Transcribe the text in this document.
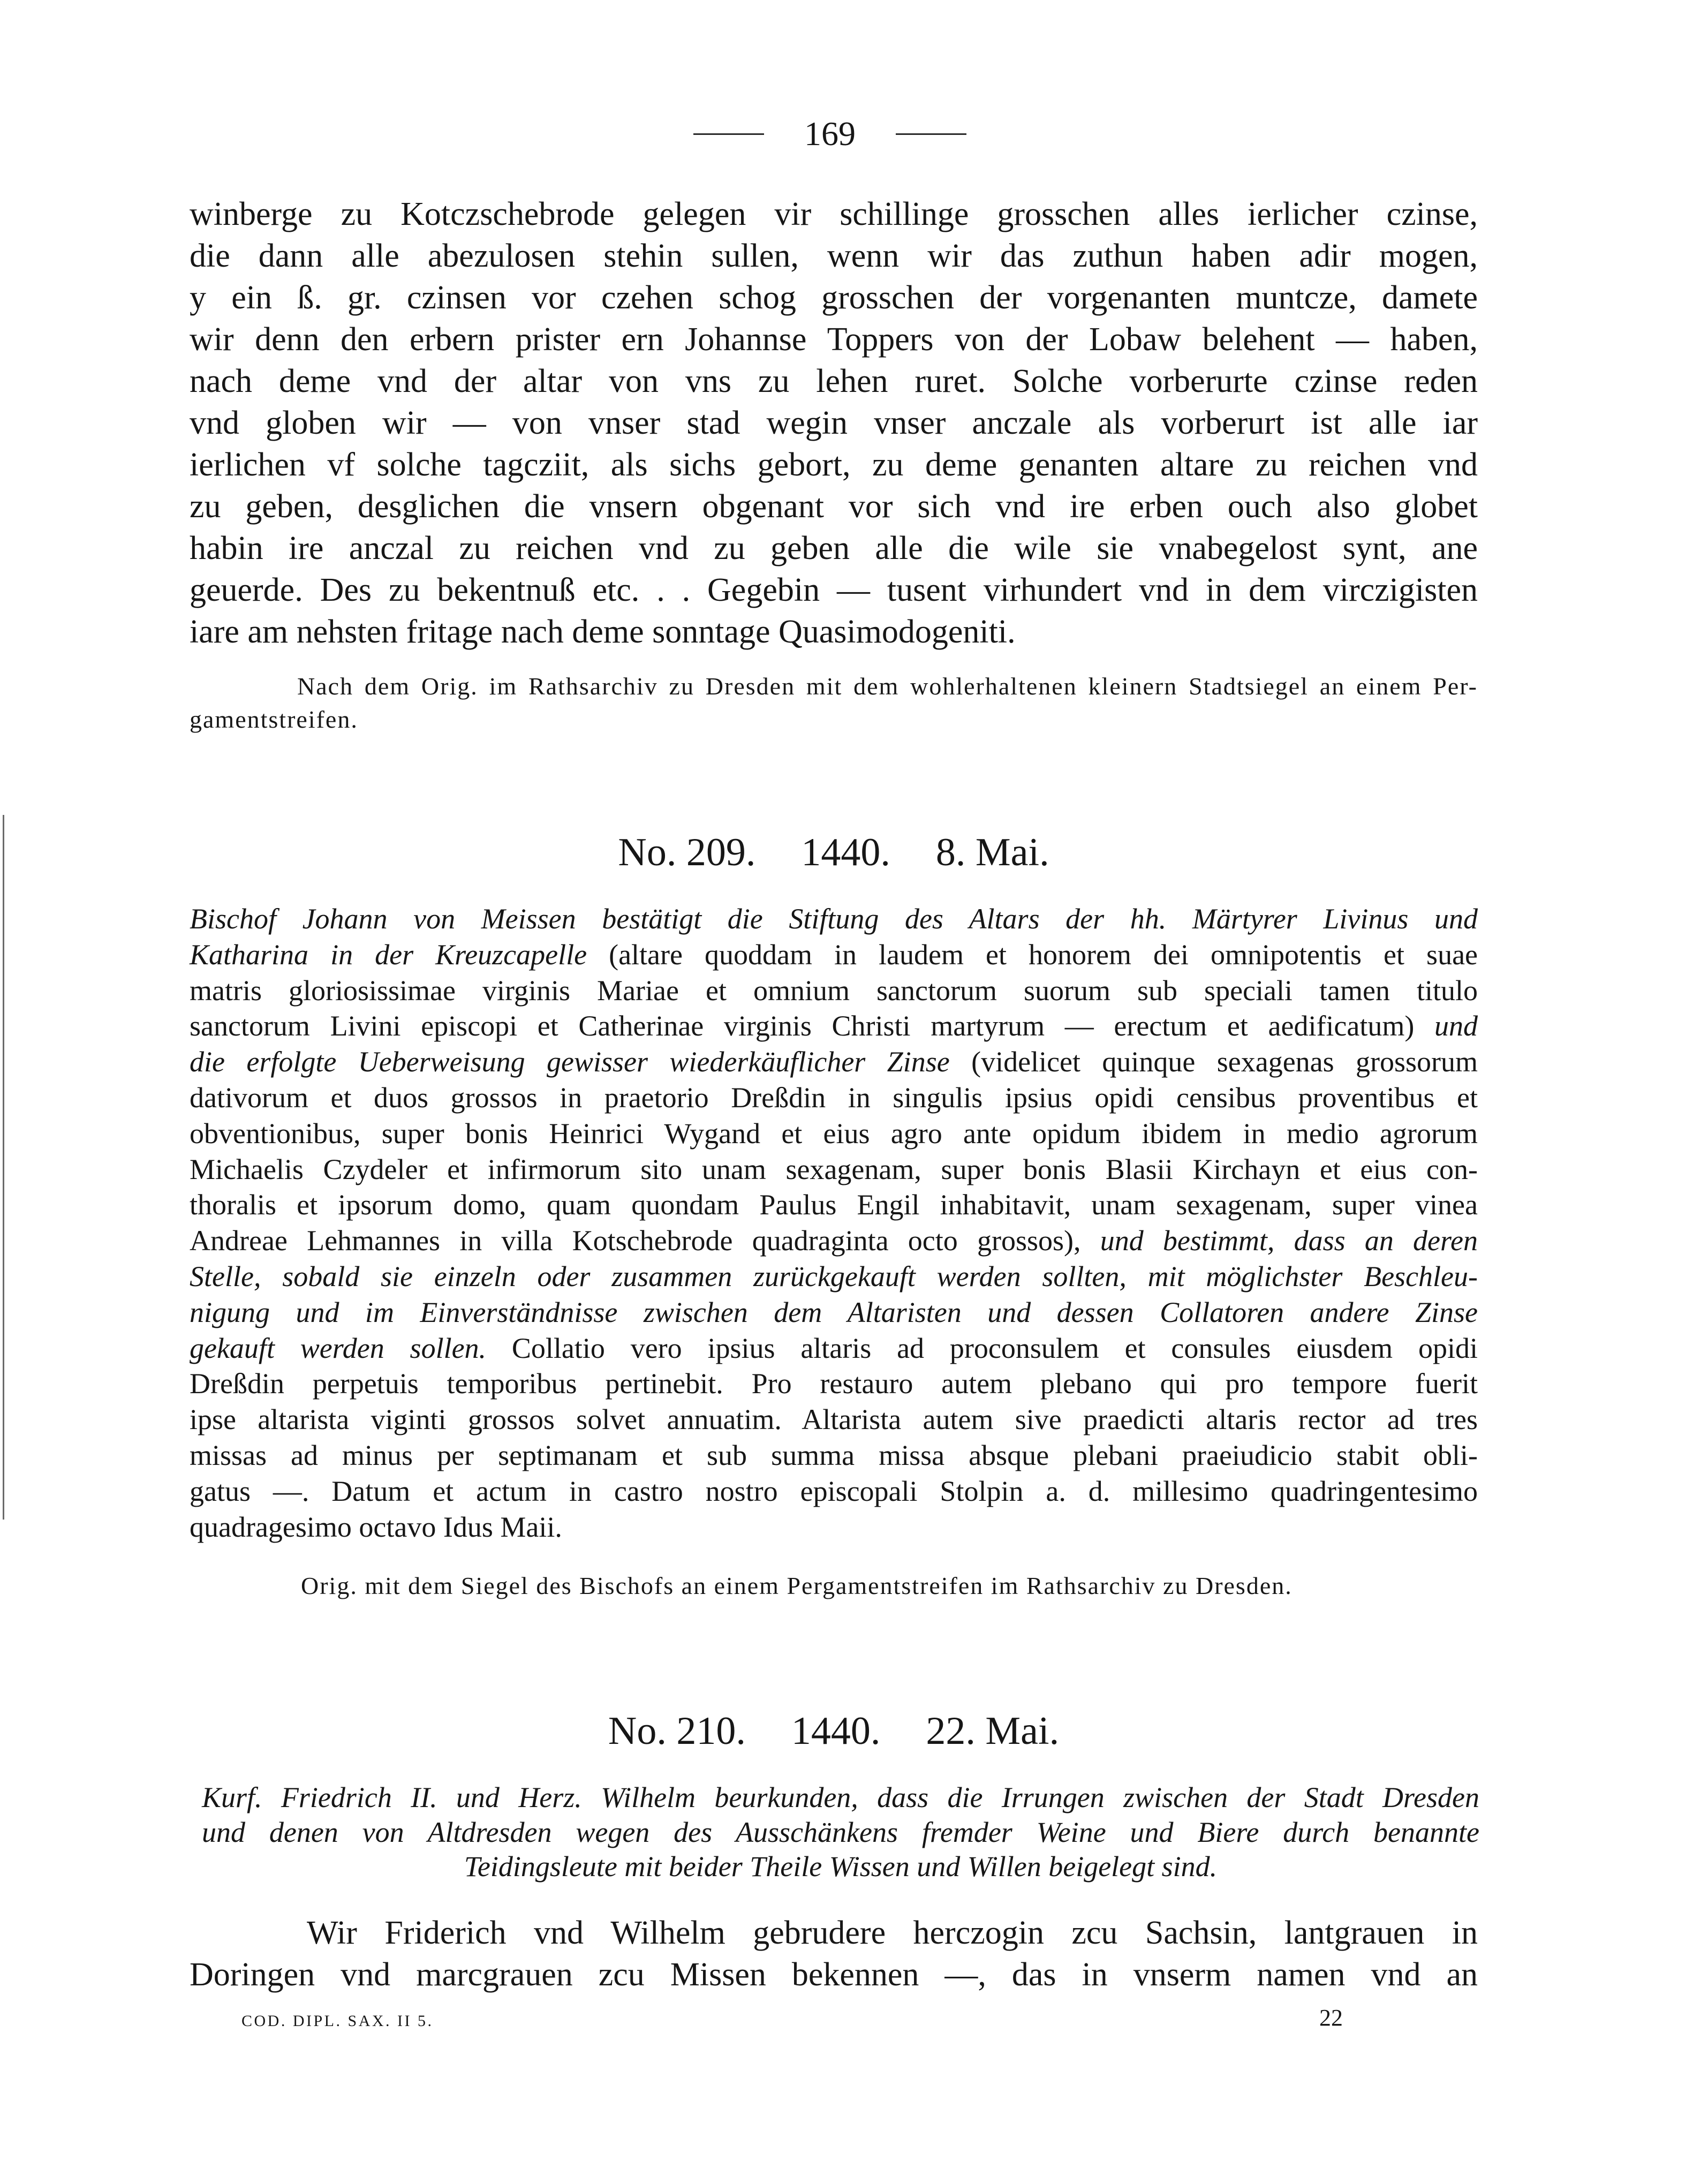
169
winberge zu Kotczschebrode gelegen vir schillinge grosschen alles ierlicher czinse,
die dann alle abezulosen stehin sullen, wenn wir das zuthun haben adir mogen,
y ein ß. gr. czinsen vor czehen schog grosschen der vorgenanten muntcze, damete
wir denn den erbern prister ern Johannse Toppers von der Lobaw belehent — haben,
nach deme vnd der altar von vns zu lehen ruret. Solche vorberurte czinse reden
vnd globen wir — von vnser stad wegin vnser anczale als vorberurt ist alle iar
ierlichen vf solche tagcziit, als sichs gebort, zu deme genanten altare zu reichen vnd
zu geben, desglichen die vnsern obgenant vor sich vnd ire erben ouch also globet
habin ire anczal zu reichen vnd zu geben alle die wile sie vnabegelost synt, ane
geuerde. Des zu bekentnuß etc. . . Gegebin — tusent virhundert vnd in dem virczigisten
iare am nehsten fritage nach deme sonntage Quasimodogeniti.
Nach dem Orig. im Rathsarchiv zu Dresden mit dem wohlerhaltenen kleinern Stadtsiegel an einem Per-
gamentstreifen.
No. 209. 1440. 8. Mai.
Bischof Johann von Meissen bestätigt die Stiftung des Altars der hh. Märtyrer Livinus und
Katharina in der Kreuzcapelle (altare quoddam in laudem et honorem dei omnipotentis et suae
matris gloriosissimae virginis Mariae et omnium sanctorum suorum sub speciali tamen titulo
sanctorum Livini episcopi et Catherinae virginis Christi martyrum — erectum et aedificatum) und
die erfolgte Ueberweisung gewisser wiederkäuflicher Zinse (videlicet quinque sexagenas grossorum
dativorum et duos grossos in praetorio Dreßdin in singulis ipsius opidi censibus proventibus et
obventionibus, super bonis Heinrici Wygand et eius agro ante opidum ibidem in medio agrorum
Michaelis Czydeler et infirmorum sito unam sexagenam, super bonis Blasii Kirchayn et eius con-
thoralis et ipsorum domo, quam quondam Paulus Engil inhabitavit, unam sexagenam, super vinea
Andreae Lehmannes in villa Kotschebrode quadraginta octo grossos), und bestimmt, dass an deren
Stelle, sobald sie einzeln oder zusammen zurückgekauft werden sollten, mit möglichster Beschleu-
nigung und im Einverständnisse zwischen dem Altaristen und dessen Collatoren andere Zinse
gekauft werden sollen. Collatio vero ipsius altaris ad proconsulem et consules eiusdem opidi
Dreßdin perpetuis temporibus pertinebit. Pro restauro autem plebano qui pro tempore fuerit
ipse altarista viginti grossos solvet annuatim. Altarista autem sive praedicti altaris rector ad tres
missas ad minus per septimanam et sub summa missa absque plebani praeiudicio stabit obli-
gatus —. Datum et actum in castro nostro episcopali Stolpin a. d. millesimo quadringentesimo
quadragesimo octavo Idus Maii.
Orig. mit dem Siegel des Bischofs an einem Pergamentstreifen im Rathsarchiv zu Dresden.
No. 210. 1440. 22. Mai.
Kurf. Friedrich II. und Herz. Wilhelm beurkunden, dass die Irrungen zwischen der Stadt Dresden
und denen von Altdresden wegen des Ausschänkens fremder Weine und Biere durch benannte
Teidingsleute mit beider Theile Wissen und Willen beigelegt sind.
Wir Friderich vnd Wilhelm gebrudere herczogin zcu Sachsin, lantgrauen in
Doringen vnd marcgrauen zcu Missen bekennen —, das in vnserm namen vnd an
COD. DIPL. SAX. II 5.	22
